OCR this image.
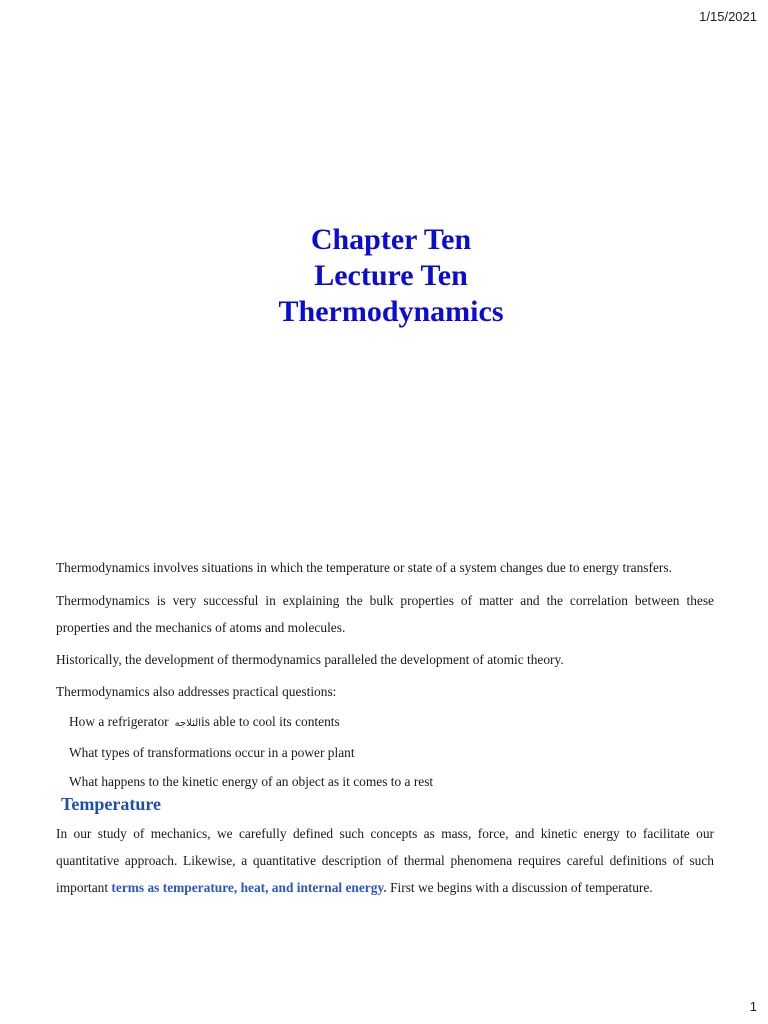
1/15/2021
Chapter Ten
Lecture Ten
Thermodynamics

Thermodynamics involves situations in which the temperature or state of a system changes due to energy transfers.

Thermodynamics is very successful in explaining the bulk properties of matter and the correlation between these properties and the mechanics of atoms and molecules.

Historically, the development of thermodynamics paralleled the development of atomic theory.

Thermodynamics also addresses practical questions:

How a refrigerator الثلاجهis able to cool its contents
What types of transformations occur in a power plant
What happens to the kinetic energy of an object as it comes to a rest
Temperature

In our study of mechanics, we carefully defined such concepts as mass, force, and kinetic energy to facilitate our quantitative approach. Likewise, a quantitative description of thermal phenomena requires careful definitions of such important terms as temperature, heat, and internal energy. First we begins with a discussion of temperature.

1
